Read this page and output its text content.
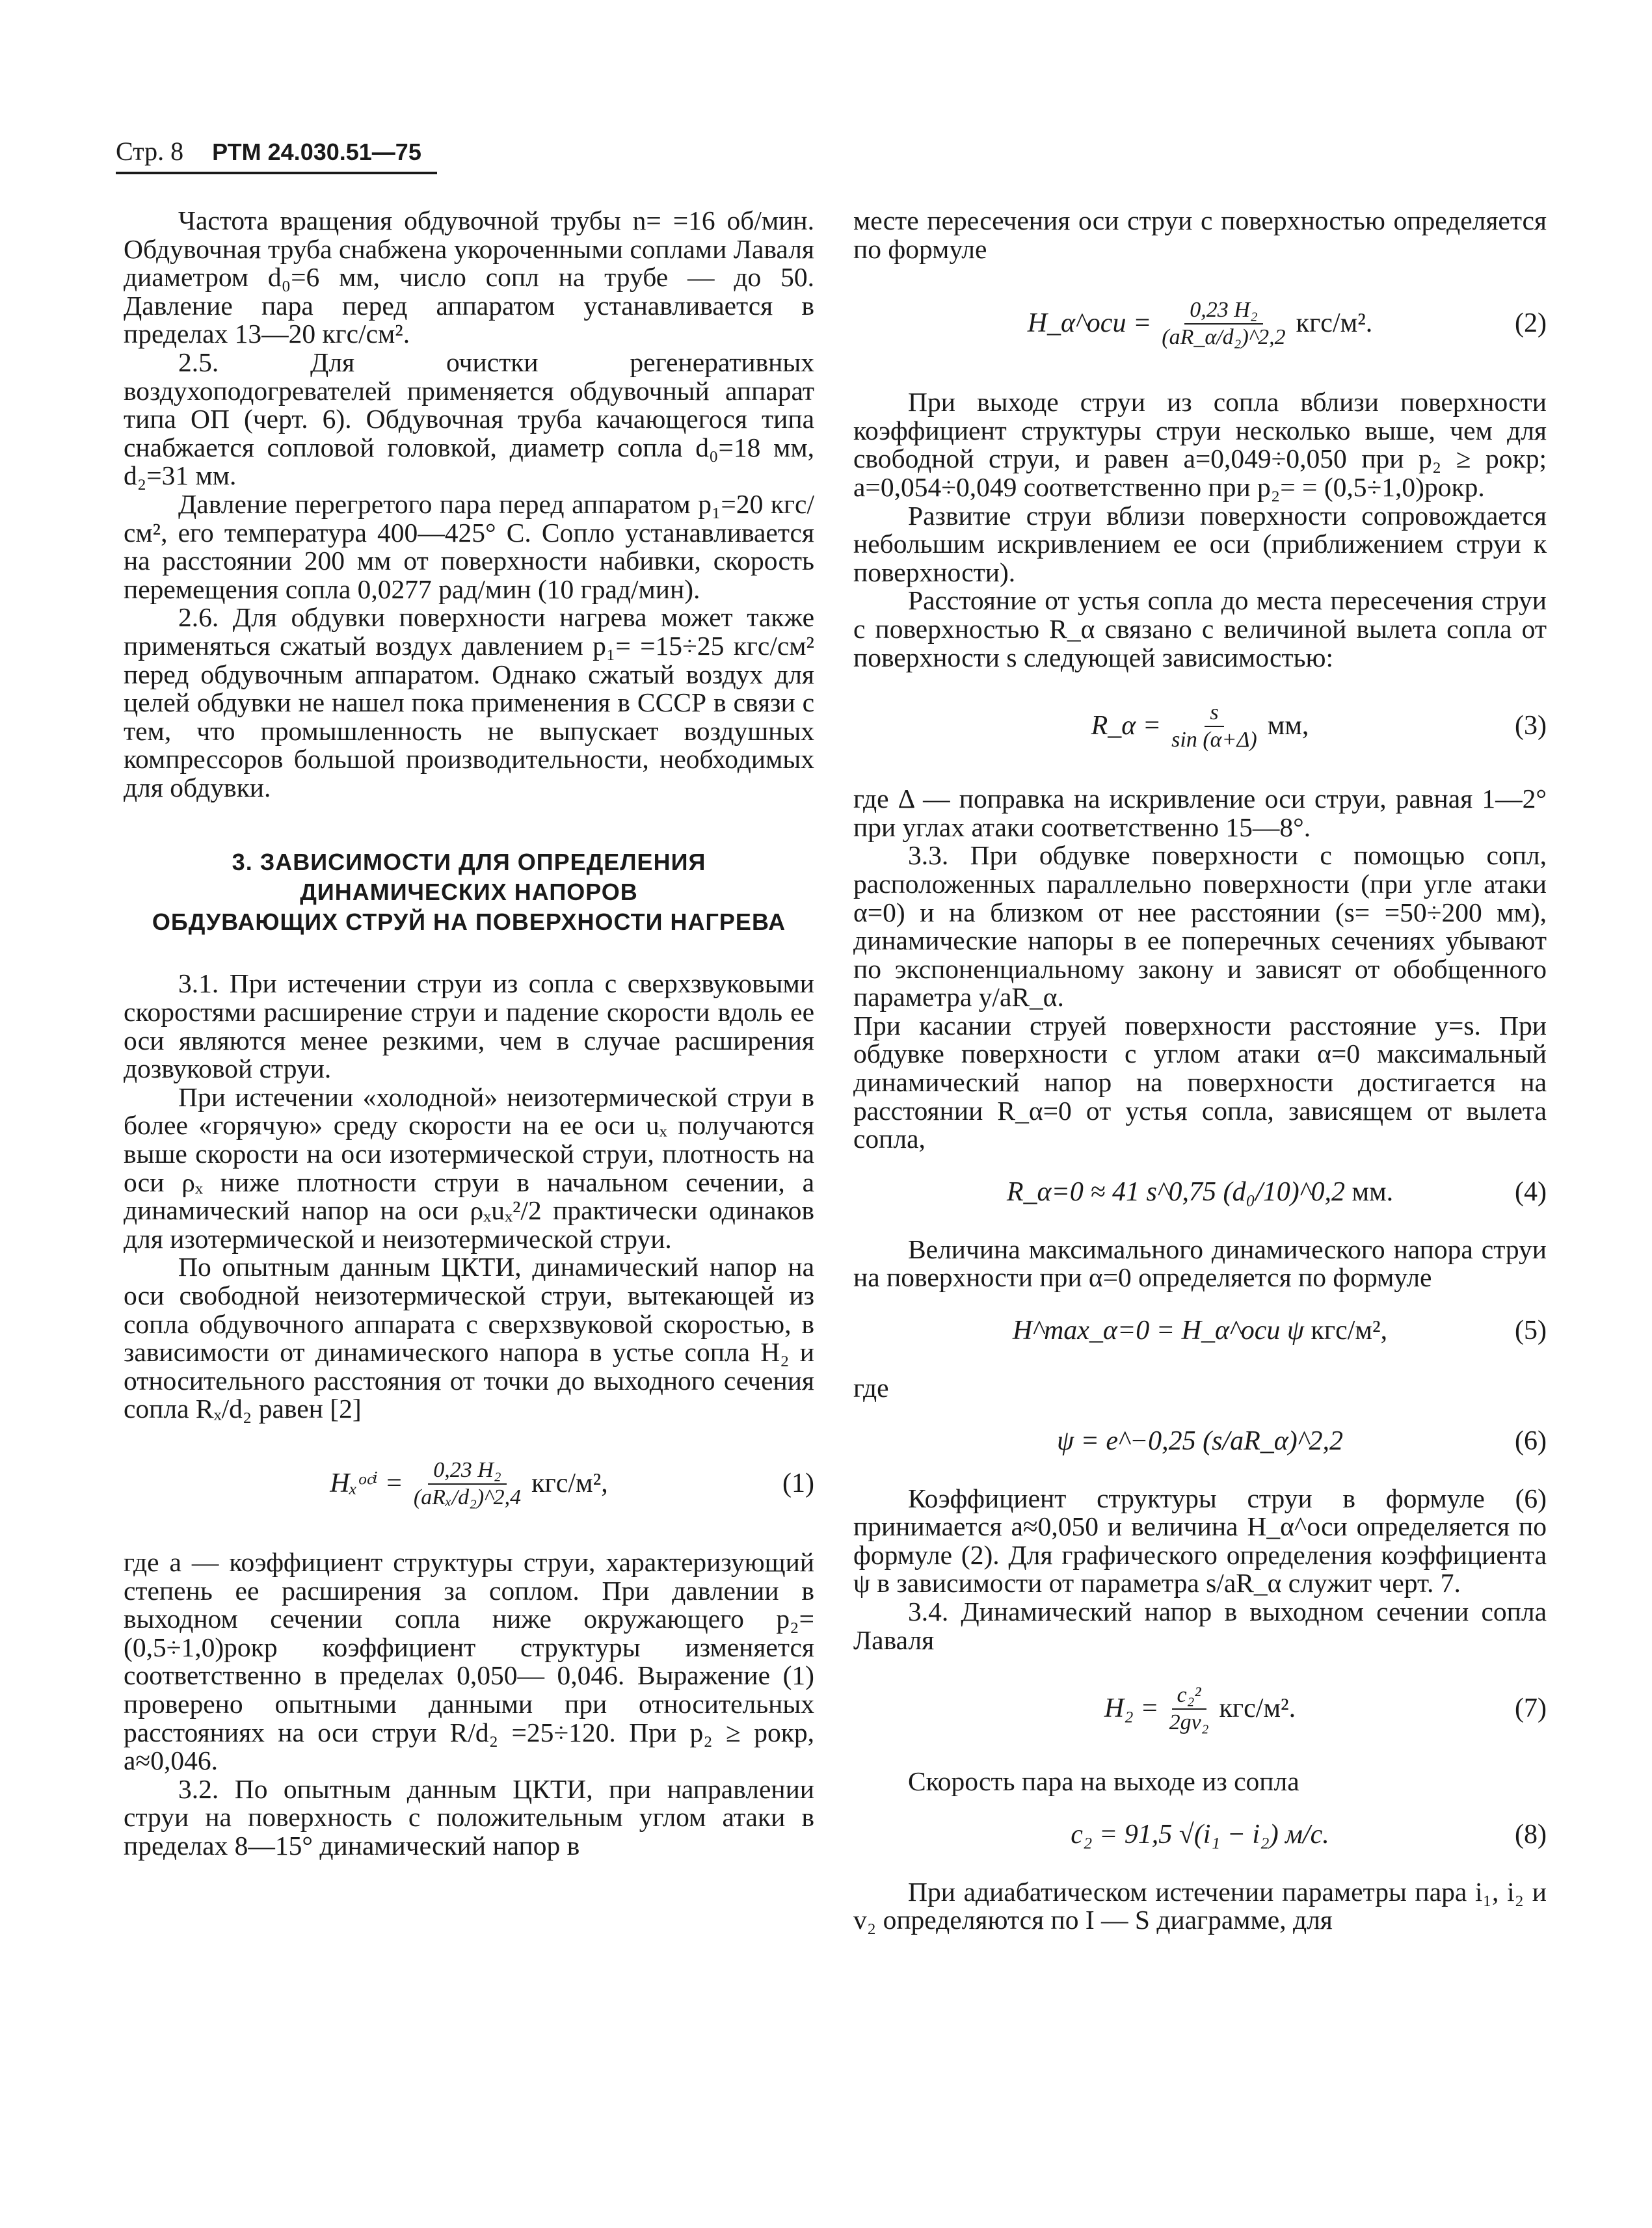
Стр. 8 РТМ 24.030.51—75

Частота вращения обдувочной трубы n= =16 об/мин. Обдувочная труба снабжена укороченными соплами Лаваля диаметром d₀=6 мм, число сопл на трубе — до 50. Давление пара перед аппаратом устанавливается в пределах 13—20 кгс/см².

2.5. Для очистки регенеративных воздухоподогревателей применяется обдувочный аппарат типа ОП (черт. 6). Обдувочная труба качающегося типа снабжается сопловой головкой, диаметр сопла d₀=18 мм, d₂=31 мм.

Давление перегретого пара перед аппаратом p₁=20 кгс/см², его температура 400—425° С. Сопло устанавливается на расстоянии 200 мм от поверхности набивки, скорость перемещения сопла 0,0277 рад/мин (10 град/мин).

2.6. Для обдувки поверхности нагрева может также применяться сжатый воздух давлением p₁= =15÷25 кгс/см² перед обдувочным аппаратом. Однако сжатый воздух для целей обдувки не нашел пока применения в СССР в связи с тем, что промышленность не выпускает воздушных компрессоров большой производительности, необходимых для обдувки.

3. ЗАВИСИМОСТИ ДЛЯ ОПРЕДЕЛЕНИЯ
ДИНАМИЧЕСКИХ НАПОРОВ
ОБДУВАЮЩИХ СТРУЙ НА ПОВЕРХНОСТИ НАГРЕВА

3.1. При истечении струи из сопла с сверхзвуковыми скоростями расширение струи и падение скорости вдоль ее оси являются менее резкими, чем в случае расширения дозвуковой струи.

При истечении «холодной» неизотермической струи в более «горячую» среду скорости на ее оси uₓ получаются выше скорости на оси изотермической струи, плотность на оси ρₓ ниже плотности струи в начальном сечении, а динамический напор на оси ρₓuₓ²/2 практически одинаков для изотермической и неизотермической струи.

По опытным данным ЦКТИ, динамический напор на оси свободной неизотермической струи, вытекающей из сопла обдувочного аппарата с сверхзвуковой скоростью, в зависимости от динамического напора в устье сопла H₂ и относительного расстояния от точки до выходного сечения сопла Rₓ/d₂ равен [2]

Hₓᵒᶜⁱ = $\frac{\text{0,23 H₂}}{\text{(aRₓ/d₂)\textasciicircum{}2,4}} кгс/м^2$,	(1)

где a — коэффициент структуры струи, характеризующий степень ее расширения за соплом. При давлении в выходном сечении сопла ниже окружающего p₂=(0,5÷1,0)pокр коэффициент структуры изменяется соответственно в пределах 0,050— 0,046. Выражение (1) проверено опытными данными при относительных расстояниях на оси струи R/d₂ =25÷120. При p₂ ≥ pокр, a≈0,046.

3.2. По опытным данным ЦКТИ, при направлении струи на поверхность с положительным углом атаки в пределах 8—15° динамический напор в

месте пересечения оси струи с поверхностью определяется по формуле

H_α^оси = $\frac{\text{0,23 H₂}}{\text{(aR\_α/d₂)\textasciicircum{}2,2}} кгс/м^2$.	(2)

При выходе струи из сопла вблизи поверхности коэффициент структуры струи несколько выше, чем для свободной струи, и равен a=0,049÷0,050 при p₂ ≥ pокр; a=0,054÷0,049 соответственно при p₂= = (0,5÷1,0)pокр.

Развитие струи вблизи поверхности сопровождается небольшим искривлением ее оси (приближением струи к поверхности).

Расстояние от устья сопла до места пересечения струи с поверхностью R_α связано с величиной вылета сопла от поверхности s следующей зависимостью:

R_α = $\frac{s}{\sin (\alpha+\Delta)}$ мм,	(3)

где Δ — поправка на искривление оси струи, равная 1—2° при углах атаки соответственно 15—8°.

3.3. При обдувке поверхности с помощью сопл, расположенных параллельно поверхности (при угле атаки α=0) и на близком от нее расстоянии (s= =50÷200 мм), динамические напоры в ее поперечных сечениях убывают по экспоненциальному закону и зависят от обобщенного параметра y/aR_α.

При касании струей поверхности расстояние y=s. При обдувке поверхности с углом атаки α=0 максимальный динамический напор на поверхности достигается на расстоянии R_α=0 от устья сопла, зависящем от вылета сопла,

R_α=0 ≈ 41 s^0,75 (d₀/10)^0,2
мм.	(4)

Величина максимального динамического напора струи на поверхности при α=0 определяется по формуле

H^max_α=0 = H_α^оси ψ
кгс/м²,	(5)

где

ψ = e^−0,25 (s/aR_α)^2,2	(6)

Коэффициент структуры струи в формуле (6) принимается a≈0,050 и величина H_α^оси определяется по формуле (2). Для графического определения коэффициента ψ в зависимости от параметра s/aR_α служит черт. 7.

3.4. Динамический напор в выходном сечении сопла Лаваля

$H_2 = \frac{\text{c₂²}}{\text{2gv₂}} кгс/м^2$.	(7)

Скорость пара на выходе из сопла

c₂ = 91,5 √(i₁ − i₂) м/с.	(8)

При адиабатическом истечении параметры пара i₁, i₂ и v₂ определяются по I — S диаграмме, для
